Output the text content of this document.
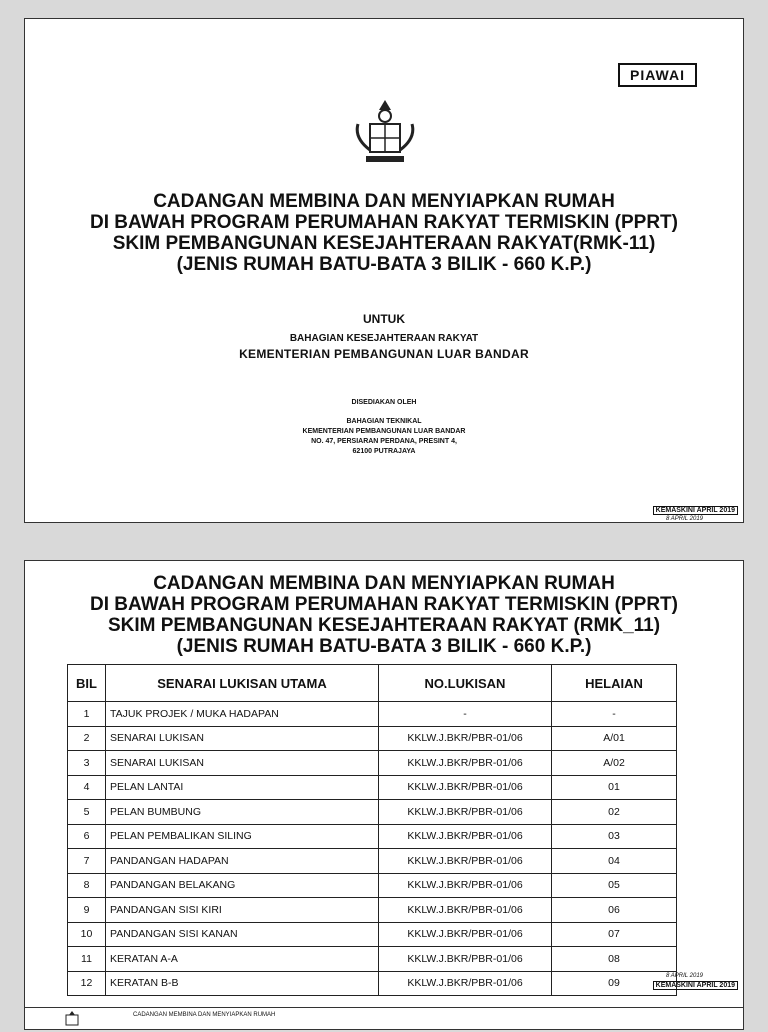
PIAWAI
CADANGAN MEMBINA DAN MENYIAPKAN RUMAH
DI BAWAH PROGRAM PERUMAHAN RAKYAT TERMISKIN (PPRT)
SKIM PEMBANGUNAN KESEJAHTERAAN RAKYAT(RMK-11)
(JENIS RUMAH BATU-BATA 3 BILIK - 660 K.P.)
UNTUK
BAHAGIAN KESEJAHTERAAN RAKYAT
KEMENTERIAN PEMBANGUNAN LUAR BANDAR
DISEDIAKAN OLEH
BAHAGIAN TEKNIKAL
KEMENTERIAN PEMBANGUNAN LUAR BANDAR
NO. 47, PERSIARAN PERDANA, PRESINT 4,
62100 PUTRAJAYA
KEMASKINI APRIL 2019
8 APRIL 2019
CADANGAN MEMBINA DAN MENYIAPKAN RUMAH
DI BAWAH PROGRAM PERUMAHAN RAKYAT TERMISKIN (PPRT)
SKIM PEMBANGUNAN KESEJAHTERAAN RAKYAT (RMK_11)
(JENIS RUMAH BATU-BATA 3 BILIK - 660 K.P.)
BIL	SENARAI LUKISAN UTAMA	NO.LUKISAN	HELAIAN
1	TAJUK PROJEK / MUKA HADAPAN	-	-
2	SENARAI LUKISAN	KKLW.J.BKR/PBR-01/06	A/01
3	SENARAI LUKISAN	KKLW.J.BKR/PBR-01/06	A/02
4	PELAN LANTAI	KKLW.J.BKR/PBR-01/06	01
5	PELAN BUMBUNG	KKLW.J.BKR/PBR-01/06	02
6	PELAN PEMBALIKAN SILING	KKLW.J.BKR/PBR-01/06	03
7	PANDANGAN HADAPAN	KKLW.J.BKR/PBR-01/06	04
8	PANDANGAN BELAKANG	KKLW.J.BKR/PBR-01/06	05
9	PANDANGAN SISI KIRI	KKLW.J.BKR/PBR-01/06	06
10	PANDANGAN SISI KANAN	KKLW.J.BKR/PBR-01/06	07
11	KERATAN A-A	KKLW.J.BKR/PBR-01/06	08
12	KERATAN B-B	KKLW.J.BKR/PBR-01/06	09	KEMASKINI APRIL 2019
8 APRIL 2019
CADANGAN MEMBINA DAN MENYIAPKAN RUMAH
